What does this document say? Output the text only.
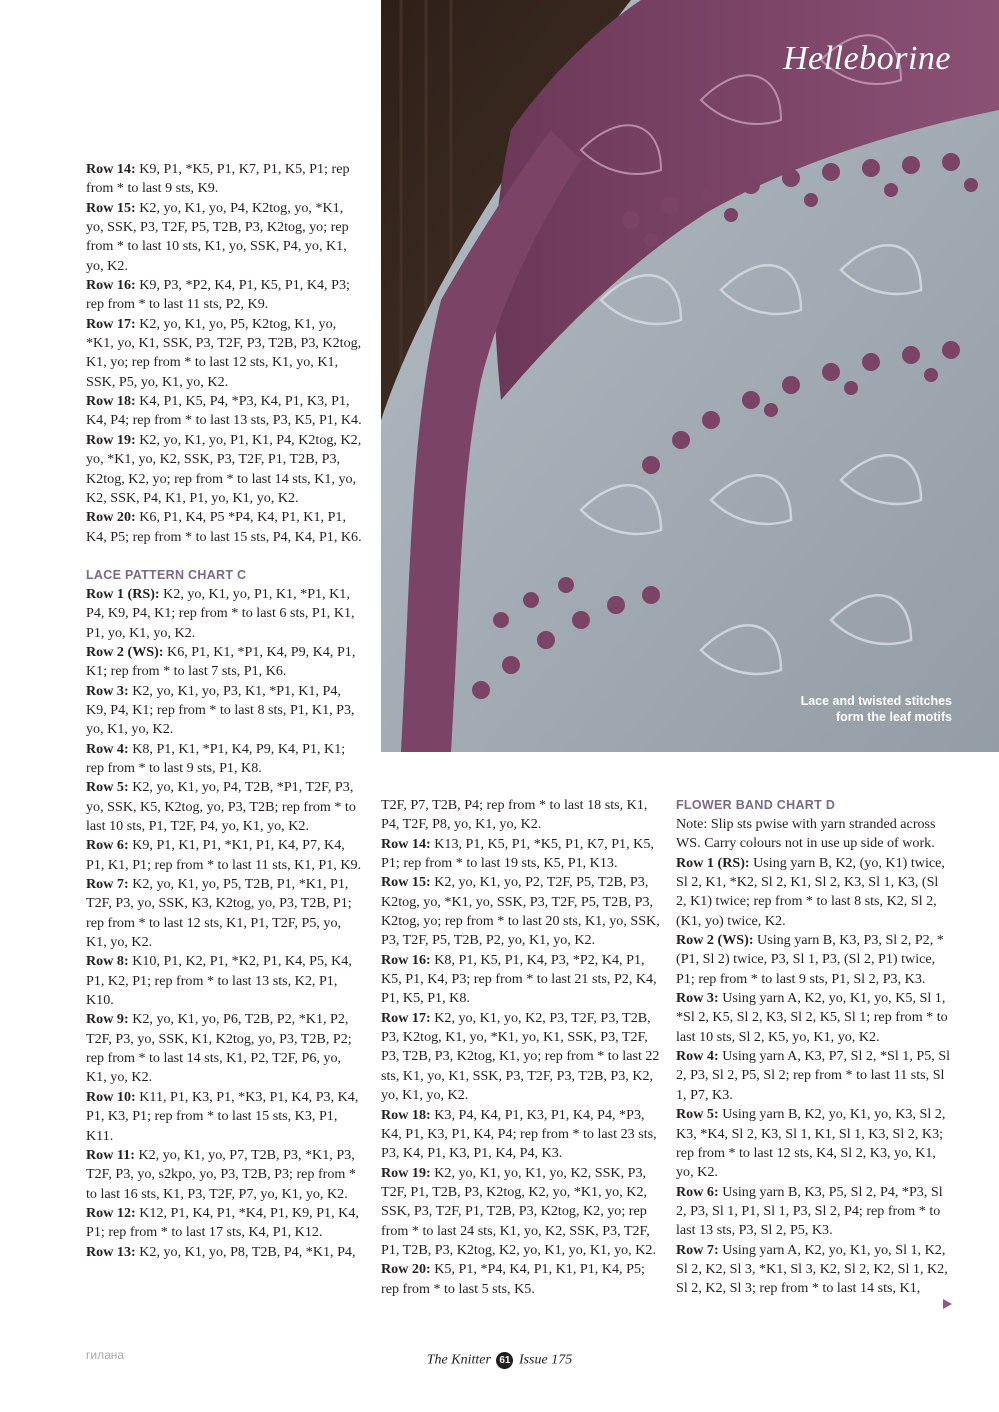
Helleborine
Lace and twisted stitches form the leaf motifs

Row 14: K9, P1, *K5, P1, K7, P1, K5, P1; rep from * to last 9 sts, K9.

Row 15: K2, yo, K1, yo, P4, K2tog, yo, *K1, yo, SSK, P3, T2F, P5, T2B, P3, K2tog, yo; rep from * to last 10 sts, K1, yo, SSK, P4, yo, K1, yo, K2.

Row 16: K9, P3, *P2, K4, P1, K5, P1, K4, P3; rep from * to last 11 sts, P2, K9.

Row 17: K2, yo, K1, yo, P5, K2tog, K1, yo, *K1, yo, K1, SSK, P3, T2F, P3, T2B, P3, K2tog, K1, yo; rep from * to last 12 sts, K1, yo, K1, SSK, P5, yo, K1, yo, K2.

Row 18: K4, P1, K5, P4, *P3, K4, P1, K3, P1, K4, P4; rep from * to last 13 sts, P3, K5, P1, K4.

Row 19: K2, yo, K1, yo, P1, K1, P4, K2tog, K2, yo, *K1, yo, K2, SSK, P3, T2F, P1, T2B, P3, K2tog, K2, yo; rep from * to last 14 sts, K1, yo, K2, SSK, P4, K1, P1, yo, K1, yo, K2.

Row 20: K6, P1, K4, P5 *P4, K4, P1, K1, P1, K4, P5; rep from * to last 15 sts, P4, K4, P1, K6.

LACE PATTERN CHART C

Row 1 (RS): K2, yo, K1, yo, P1, K1, *P1, K1, P4, K9, P4, K1; rep from * to last 6 sts, P1, K1, P1, yo, K1, yo, K2.

Row 2 (WS): K6, P1, K1, *P1, K4, P9, K4, P1, K1; rep from * to last 7 sts, P1, K6.

Row 3: K2, yo, K1, yo, P3, K1, *P1, K1, P4, K9, P4, K1; rep from * to last 8 sts, P1, K1, P3, yo, K1, yo, K2.

Row 4: K8, P1, K1, *P1, K4, P9, K4, P1, K1; rep from * to last 9 sts, P1, K8.

Row 5: K2, yo, K1, yo, P4, T2B, *P1, T2F, P3, yo, SSK, K5, K2tog, yo, P3, T2B; rep from * to last 10 sts, P1, T2F, P4, yo, K1, yo, K2.

Row 6: K9, P1, K1, P1, *K1, P1, K4, P7, K4, P1, K1, P1; rep from * to last 11 sts, K1, P1, K9.

Row 7: K2, yo, K1, yo, P5, T2B, P1, *K1, P1, T2F, P3, yo, SSK, K3, K2tog, yo, P3, T2B, P1; rep from * to last 12 sts, K1, P1, T2F, P5, yo, K1, yo, K2.

Row 8: K10, P1, K2, P1, *K2, P1, K4, P5, K4, P1, K2, P1; rep from * to last 13 sts, K2, P1, K10.

Row 9: K2, yo, K1, yo, P6, T2B, P2, *K1, P2, T2F, P3, yo, SSK, K1, K2tog, yo, P3, T2B, P2; rep from * to last 14 sts, K1, P2, T2F, P6, yo, K1, yo, K2.

Row 10: K11, P1, K3, P1, *K3, P1, K4, P3, K4, P1, K3, P1; rep from * to last 15 sts, K3, P1, K11.

Row 11: K2, yo, K1, yo, P7, T2B, P3, *K1, P3, T2F, P3, yo, s2kpo, yo, P3, T2B, P3; rep from * to last 16 sts, K1, P3, T2F, P7, yo, K1, yo, K2.

Row 12: K12, P1, K4, P1, *K4, P1, K9, P1, K4, P1; rep from * to last 17 sts, K4, P1, K12.

Row 13: K2, yo, K1, yo, P8, T2B, P4, *K1, P4,

T2F, P7, T2B, P4; rep from * to last 18 sts, K1, P4, T2F, P8, yo, K1, yo, K2.

Row 14: K13, P1, K5, P1, *K5, P1, K7, P1, K5, P1; rep from * to last 19 sts, K5, P1, K13.

Row 15: K2, yo, K1, yo, P2, T2F, P5, T2B, P3, K2tog, yo, *K1, yo, SSK, P3, T2F, P5, T2B, P3, K2tog, yo; rep from * to last 20 sts, K1, yo, SSK, P3, T2F, P5, T2B, P2, yo, K1, yo, K2.

Row 16: K8, P1, K5, P1, K4, P3, *P2, K4, P1, K5, P1, K4, P3; rep from * to last 21 sts, P2, K4, P1, K5, P1, K8.

Row 17: K2, yo, K1, yo, K2, P3, T2F, P3, T2B, P3, K2tog, K1, yo, *K1, yo, K1, SSK, P3, T2F, P3, T2B, P3, K2tog, K1, yo; rep from * to last 22 sts, K1, yo, K1, SSK, P3, T2F, P3, T2B, P3, K2, yo, K1, yo, K2.

Row 18: K3, P4, K4, P1, K3, P1, K4, P4, *P3, K4, P1, K3, P1, K4, P4; rep from * to last 23 sts, P3, K4, P1, K3, P1, K4, P4, K3.

Row 19: K2, yo, K1, yo, K1, yo, K2, SSK, P3, T2F, P1, T2B, P3, K2tog, K2, yo, *K1, yo, K2, SSK, P3, T2F, P1, T2B, P3, K2tog, K2, yo; rep from * to last 24 sts, K1, yo, K2, SSK, P3, T2F, P1, T2B, P3, K2tog, K2, yo, K1, yo, K1, yo, K2.

Row 20: K5, P1, *P4, K4, P1, K1, P1, K4, P5; rep from * to last 5 sts, K5.

FLOWER BAND CHART D

Note: Slip sts pwise with yarn stranded across WS. Carry colours not in use up side of work.

Row 1 (RS): Using yarn B, K2, (yo, K1) twice, Sl 2, K1, *K2, Sl 2, K1, Sl 2, K3, Sl 1, K3, (Sl 2, K1) twice; rep from * to last 8 sts, K2, Sl 2, (K1, yo) twice, K2.

Row 2 (WS): Using yarn B, K3, P3, Sl 2, P2, *(P1, Sl 2) twice, P3, Sl 1, P3, (Sl 2, P1) twice, P1; rep from * to last 9 sts, P1, Sl 2, P3, K3.

Row 3: Using yarn A, K2, yo, K1, yo, K5, Sl 1, *Sl 2, K5, Sl 2, K3, Sl 2, K5, Sl 1; rep from * to last 10 sts, Sl 2, K5, yo, K1, yo, K2.

Row 4: Using yarn A, K3, P7, Sl 2, *Sl 1, P5, Sl 2, P3, Sl 2, P5, Sl 2; rep from * to last 11 sts, Sl 1, P7, K3.

Row 5: Using yarn B, K2, yo, K1, yo, K3, Sl 2, K3, *K4, Sl 2, K3, Sl 1, K1, Sl 1, K3, Sl 2, K3; rep from * to last 12 sts, K4, Sl 2, K3, yo, K1, yo, K2.

Row 6: Using yarn B, K3, P5, Sl 2, P4, *P3, Sl 2, P3, Sl 1, P1, Sl 1, P3, Sl 2, P4; rep from * to last 13 sts, P3, Sl 2, P5, K3.

Row 7: Using yarn A, K2, yo, K1, yo, Sl 1, K2, Sl 2, K2, Sl 3, *K1, Sl 3, K2, Sl 2, K2, Sl 1, K2, Sl 2, K2, Sl 3; rep from * to last 14 sts, K1,

гилана	The Knitter 61 Issue 175
